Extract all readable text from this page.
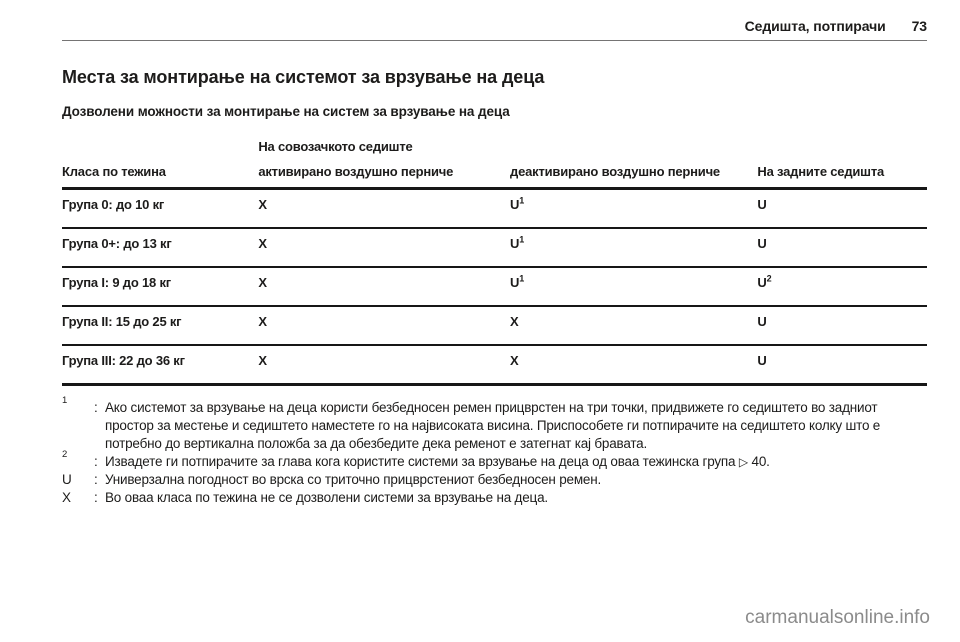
Седишта, потпирачи 73
Места за монтирање на системот за врзување на деца
Дозволени можности за монтирање на систем за врзување на деца
	На совозачкото седиште		
Класа по тежина	активирано воздушно перниче	деактивирано воздушно перниче	На задните седишта
Група 0: до 10 кг	X	$U^1$	U
Група 0+: до 13 кг	X	$U^1$	U
Група I: 9 до 18 кг	X	$U^1$	$U^2$
Група II: 15 до 25 кг	X	X	U
Група III: 22 до 36 кг	X	X	U
1	: Ако системот за врзување на деца користи безбедносен ремен прицврстен на три точки, придвижете го седиштето во задниот простор за местење и седиштето наместете го на највисоката висина. Приспособете ги потпирачите на седиштето колку што е потребно до вертикална положба за да обезбедите дека ременот е затегнат кај бравата.
2	: Извадете ги потпирачите за глава кога користите системи за врзување на деца од оваа тежинска група ▷ 40.
U	: Универзална погодност во врска со триточно прицврстениот безбедносен ремен.
X	: Во оваа класа по тежина не се дозволени системи за врзување на деца.
carmanualsonline.info
